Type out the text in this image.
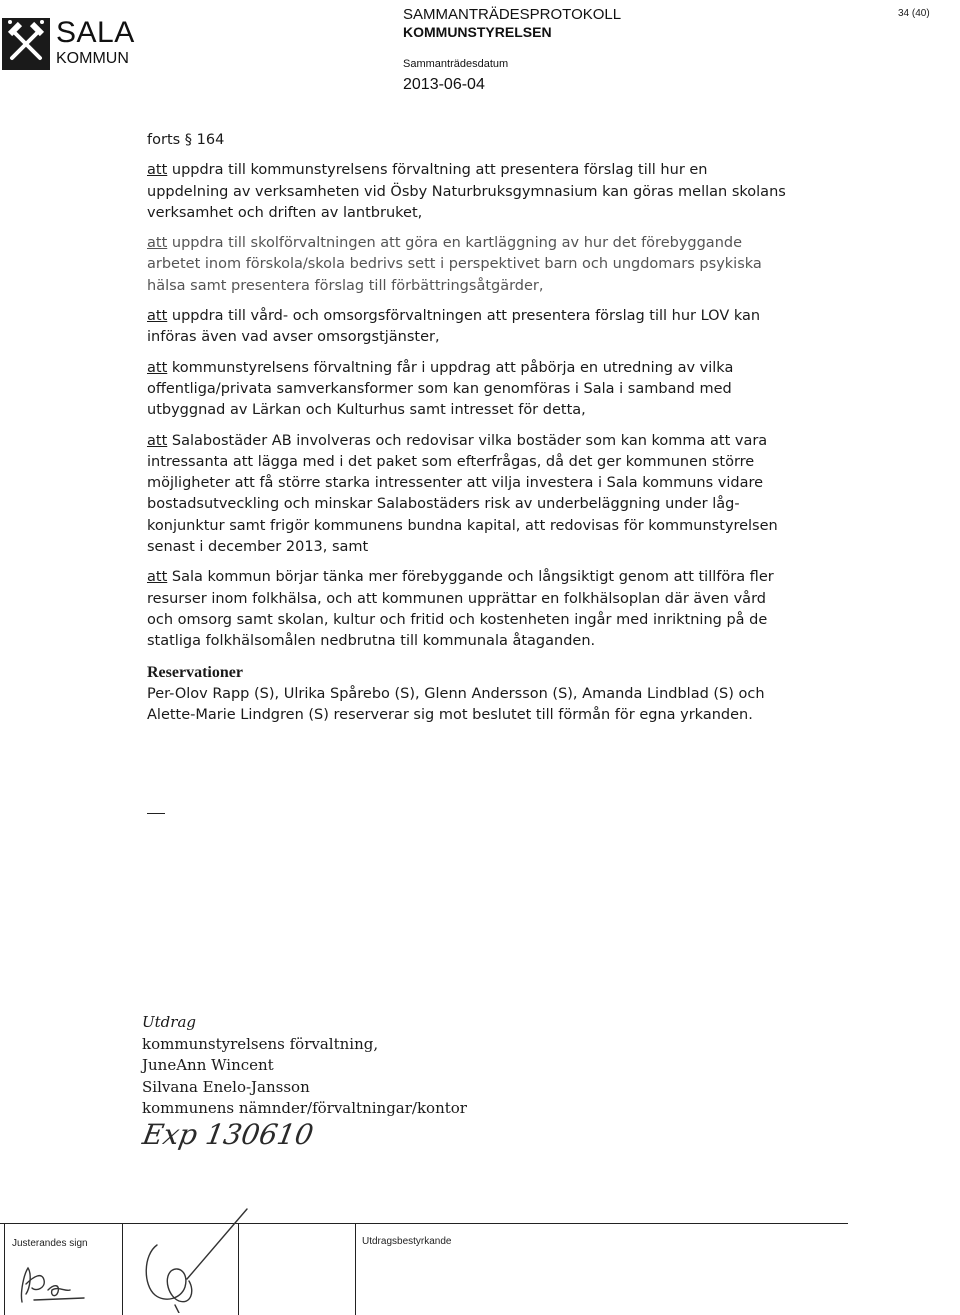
SALA
KOMMUN
SAMMANTRÄDESPROTOKOLL
KOMMUNSTYRELSEN
Sammanträdesdatum
2013-06-04
34 (40)
forts § 164

att uppdra till kommunstyrelsens förvaltning att presentera förslag till hur en uppdelning av verksamheten vid Ösby Naturbruksgymnasium kan göras mellan skolans verksamhet och driften av lantbruket,

att uppdra till skolförvaltningen att göra en kartläggning av hur det förebyggande arbetet inom förskola/skola bedrivs sett i perspektivet barn och ungdomars psykiska hälsa samt presentera förslag till förbättringsåtgärder,

att uppdra till vård- och omsorgsförvaltningen att presentera förslag till hur LOV kan införas även vad avser omsorgstjänster,

att kommunstyrelsens förvaltning får i uppdrag att påbörja en utredning av vilka offentliga/privata samverkansformer som kan genomföras i Sala i samband med utbyggnad av Lärkan och Kulturhus samt intresset för detta,

att Salabostäder AB involveras och redovisar vilka bostäder som kan komma att vara intressanta att lägga med i det paket som efterfrågas, då det ger kommunen större möjligheter att få större starka intressenter att vilja investera i Sala kommuns vidare bostadsutveckling och minskar Salabostäders risk av underbeläggning under låg-konjunktur samt frigör kommunens bundna kapital, att redovisas för kommunstyrelsen senast i december 2013, samt

att Sala kommun börjar tänka mer förebyggande och långsiktigt genom att tillföra fler resurser inom folkhälsa, och att kommunen upprättar en folkhälsoplan där även vård och omsorg samt skolan, kultur och fritid och kostenheten ingår med inriktning på de statliga folkhälsomålen nedbrutna till kommunala åtaganden.

Reservationer

Per-Olov Rapp (S), Ulrika Spårebo (S), Glenn Andersson (S), Amanda Lindblad (S) och Alette-Marie Lindgren (S) reserverar sig mot beslutet till förmån för egna yrkanden.

Utdrag
kommunstyrelsens förvaltning,
JuneAnn Wincent
Silvana Enelo-Jansson
kommunens nämnder/förvaltningar/kontor
Exp 130610
Justerandes sign	Utdragsbestyrkande
